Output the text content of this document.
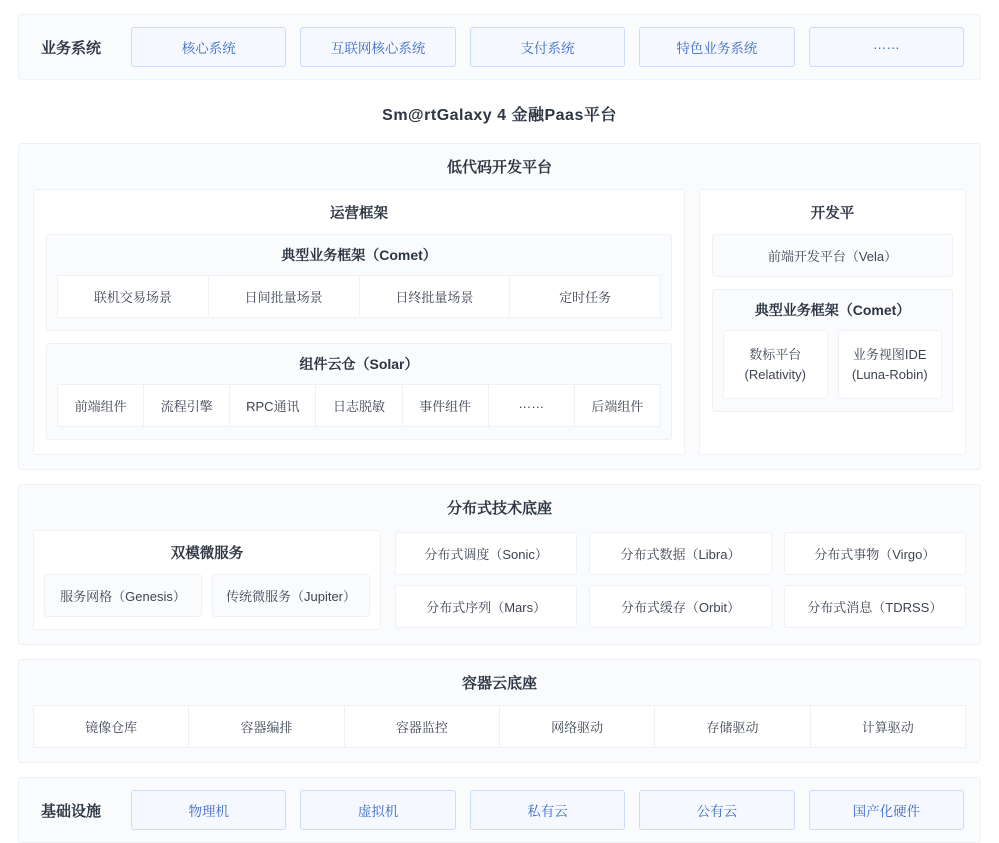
业务系统	核心系统	互联网核心系统	支付系统	特色业务系统	……
Sm@rtGalaxy 4 金融Paas平台
低代码开发平台
运营框架
典型业务框架（Comet）
联机交易场景	日间批量场景	日终批量场景	定时任务
组件云仓（Solar）
前端组件	流程引擎	RPC通讯	日志脱敏	事件组件	……	后端组件
开发平
前端开发平台（Vela）
典型业务框架（Comet）
数标平台
(Relativity)
业务视图IDE
(Luna-Robin)
分布式技术底座
双模微服务
服务网格（Genesis）	传统微服务（Jupiter）
分布式调度（Sonic）	分布式数据（Libra）	分布式事物（Virgo）
分布式序列（Mars）	分布式缓存（Orbit）	分布式消息（TDRSS）
容器云底座
镜像仓库	容器编排	容器监控	网络驱动	存储驱动	计算驱动
基础设施	物理机	虚拟机	私有云	公有云	国产化硬件
